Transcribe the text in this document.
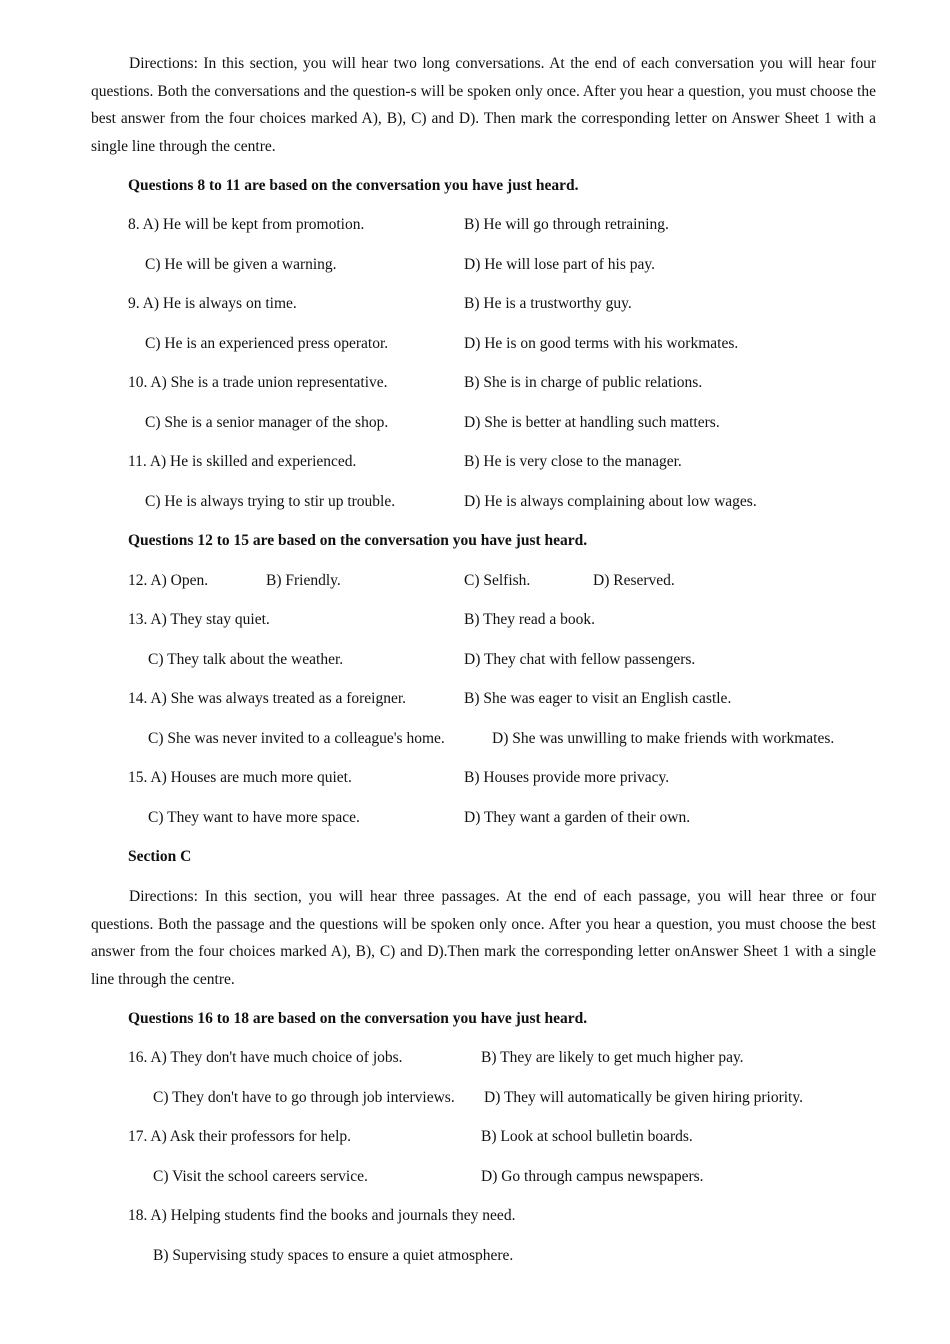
Directions: In this section, you will hear two long conversations. At the end of each conversation you will hear four questions. Both the conversations and the question-s will be spoken only once. After you hear a question, you must choose the best answer from the four choices marked A), B), C) and D). Then mark the corresponding letter on Answer Sheet 1 with a single line through the centre.

Questions 8 to 11 are based on the conversation you have just heard.
8. A) He will be kept from promotion.	B) He will go through retraining.
C) He will be given a warning.	D) He will lose part of his pay.
9. A) He is always on time.	B) He is a trustworthy guy.
C) He is an experienced press operator.	D) He is on good terms with his workmates.
10. A) She is a trade union representative.	B) She is in charge of public relations.
C) She is a senior manager of the shop.	D) She is better at handling such matters.
11. A) He is skilled and experienced.	B) He is very close to the manager.
C) He is always trying to stir up trouble.	D) He is always complaining about low wages.
Questions 12 to 15 are based on the conversation you have just heard.
12. A) Open.	B) Friendly.	C) Selfish.	D) Reserved.
13. A) They stay quiet.	B) They read a book.
C) They talk about the weather.	D) They chat with fellow passengers.
14. A) She was always treated as a foreigner.	B) She was eager to visit an English castle.
C) She was never invited to a colleague's home.	D) She was unwilling to make friends with workmates.
15. A) Houses are much more quiet.	B) Houses provide more privacy.
C) They want to have more space.	D) They want a garden of their own.
Section C

Directions: In this section, you will hear three passages. At the end of each passage, you will hear three or four questions. Both the passage and the questions will be spoken only once. After you hear a question, you must choose the best answer from the four choices marked A), B), C) and D).Then mark the corresponding letter onAnswer Sheet 1 with a single line through the centre.

Questions 16 to 18 are based on the conversation you have just heard.
16. A) They don't have much choice of jobs.	B) They are likely to get much higher pay.
C) They don't have to go through job interviews. D) They will automatically be given hiring priority.
17. A) Ask their professors for help.	B) Look at school bulletin boards.
C) Visit the school careers service.	D) Go through campus newspapers.
18. A) Helping students find the books and journals they need.
B) Supervising study spaces to ensure a quiet atmosphere.
